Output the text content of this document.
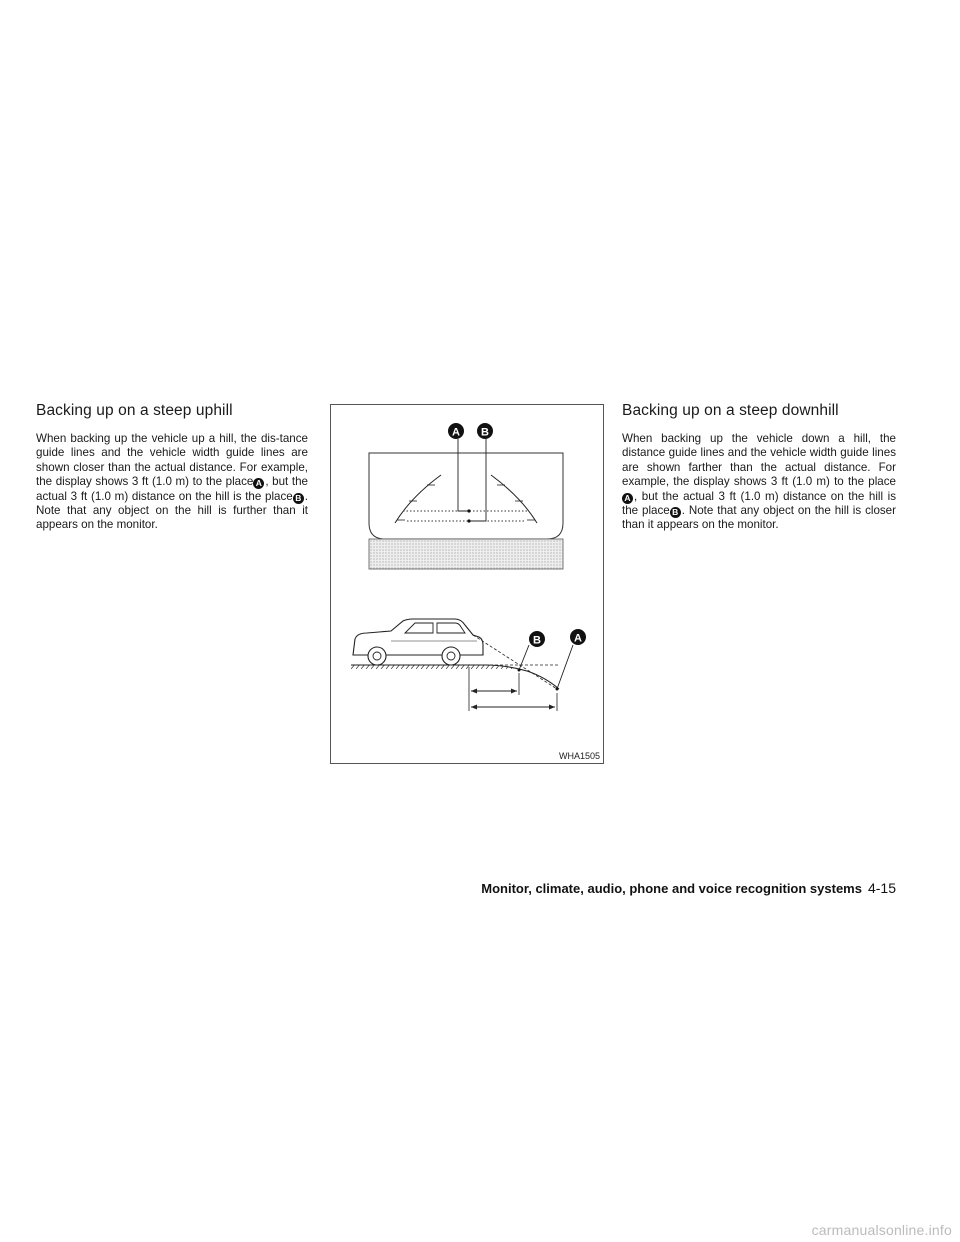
Backing up on a steep uphill

When backing up the vehicle up a hill, the dis-tance guide lines and the vehicle width guide lines are shown closer than the actual distance. For example, the display shows 3 ft (1.0 m) to the place A , but the actual 3 ft (1.0 m) distance on the hill is the place B . Note that any object on the hill is further than it appears on the monitor.

A B
B	A
WHA1505
Backing up on a steep downhill

When backing up the vehicle down a hill, the distance guide lines and the vehicle width guide lines are shown farther than the actual distance. For example, the display shows 3 ft (1.0 m) to the placeA , but the actual 3 ft (1.0 m) distance on the hill is the place B . Note that any object on the hill is closer than it appears on the monitor.

Monitor, climate, audio, phone and voice recognition systems 4-15
carmanualsonline.info
